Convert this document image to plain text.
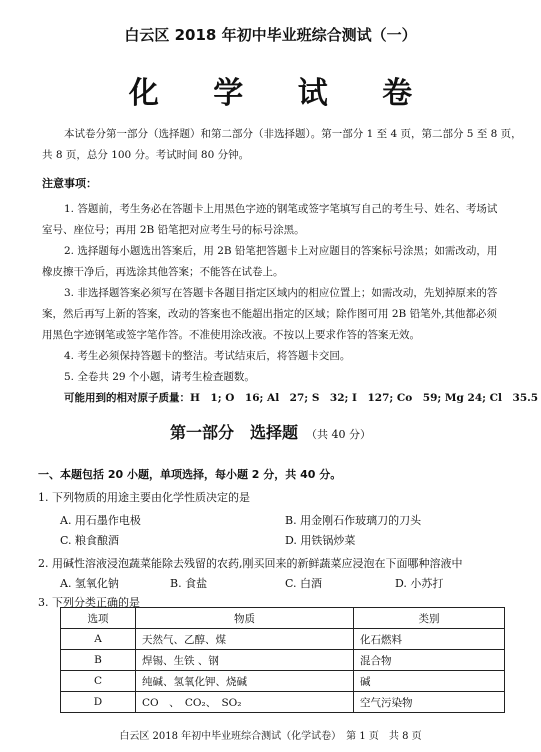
白云区 2018 年初中毕业班综合测试（一）
化 学 试 卷
本试卷分第一部分（选择题）和第二部分（非选择题）。第一部分 1 至 4 页，第二部分 5 至 8 页，
共 8 页，总分 100 分。考试时间 80 分钟。
注意事项：
1. 答题前，考生务必在答题卡上用黑色字迹的钢笔或签字笔填写自己的考生号、姓名、考场试
室号、座位号；再用 2B 铅笔把对应考生号的标号涂黑。
2. 选择题每小题选出答案后，用 2B 铅笔把答题卡上对应题目的答案标号涂黑；如需改动，用
橡皮擦干净后，再选涂其他答案；不能答在试卷上。
3. 非选择题答案必须写在答题卡各题目指定区域内的相应位置上；如需改动，先划掉原来的答
案，然后再写上新的答案，改动的答案也不能超出指定的区域；除作图可用 2B 铅笔外,其他都必须
用黑色字迹钢笔或签字笔作答。不准使用涂改液。不按以上要求作答的答案无效。
4. 考生必须保持答题卡的整洁。考试结束后，将答题卡交回。
5. 全卷共 29 个小题，请考生检查题数。
可能用到的相对原子质量：H　1; O　16; Al　27; S　32; I　127; Co　59; Mg 24; Cl　35.5
第一部分　选择题 （共 40 分）
一、本题包括 20 小题，单项选择，每小题 2 分，共 40 分。
1. 下列物质的用途主要由化学性质决定的是
A. 用石墨作电极	B. 用金刚石作玻璃刀的刀头
C. 粮食酿酒	D. 用铁锅炒菜
2. 用碱性溶液浸泡蔬菜能除去残留的农药,刚买回来的新鲜蔬菜应浸泡在下面哪种溶液中
A. 氢氧化钠	B. 食盐	C. 白酒	D. 小苏打
3. 下列分类正确的是
选项	物质	类别
A	天然气、乙醇、煤	化石燃料
B	焊锡、生铁 、钢	混合物
C	纯碱、氢氧化钾、烧碱	碱
D	CO　、　CO₂、　SO₂	空气污染物
白云区 2018 年初中毕业班综合测试（化学试卷）　第 1 页　共 8 页
